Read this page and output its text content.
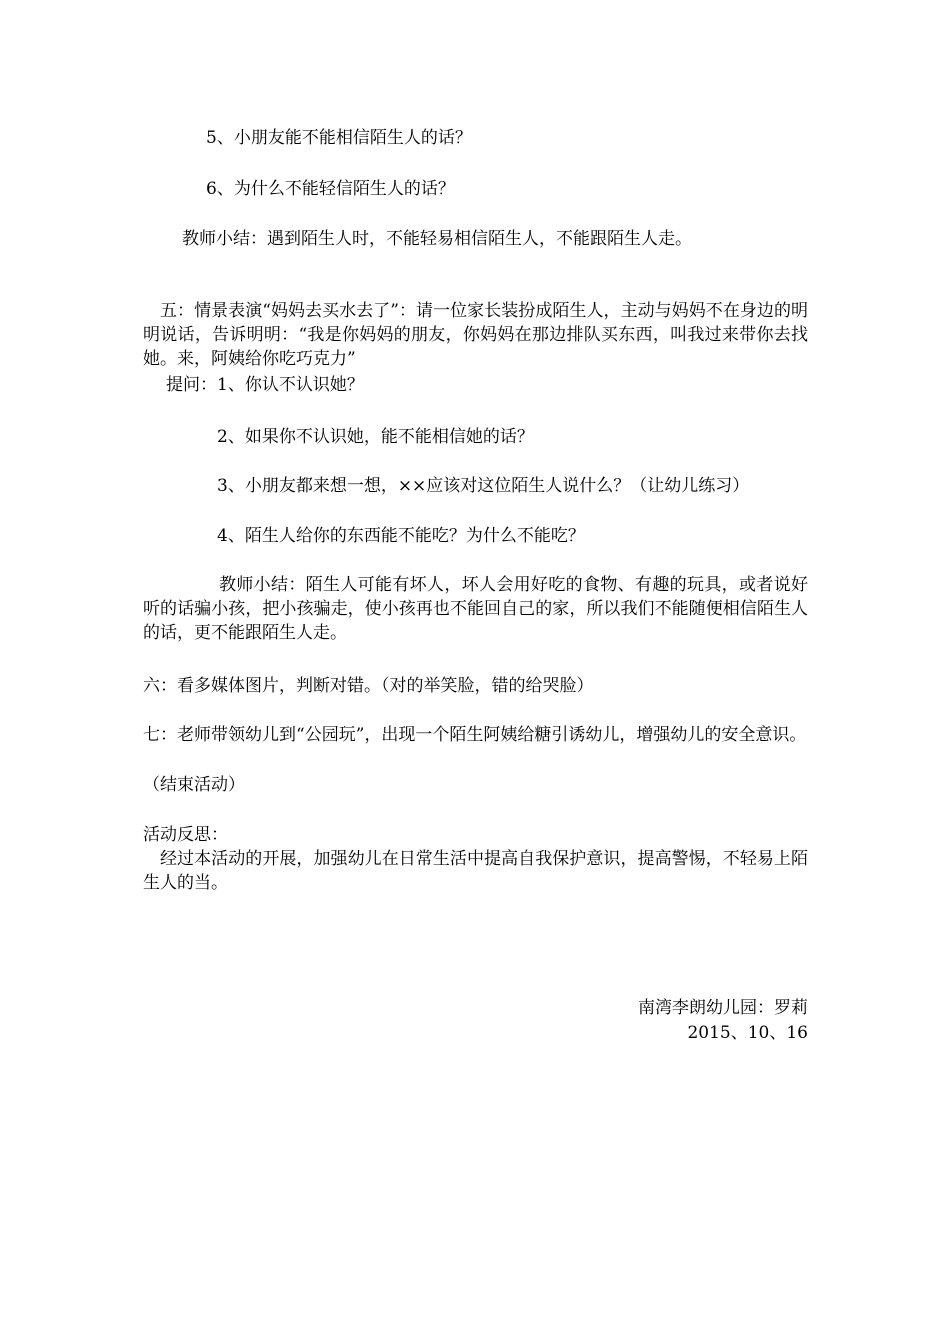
5、小朋友能不能相信陌生人的话？
6、为什么不能轻信陌生人的话？
教师小结：遇到陌生人时，不能轻易相信陌生人，不能跟陌生人走。
五：情景表演“妈妈去买水去了”：请一位家长装扮成陌生人，主动与妈妈不在身边的明明说话，告诉明明：“我是你妈妈的朋友，你妈妈在那边排队买东西，叫我过来带你去找她。来，阿姨给你吃巧克力”
提问：1、你认不认识她？
2、如果你不认识她，能不能相信她的话？
3、小朋友都来想一想，××应该对这位陌生人说什么？（让幼儿练习）
4、陌生人给你的东西能不能吃？为什么不能吃？
教师小结：陌生人可能有坏人，坏人会用好吃的食物、有趣的玩具，或者说好听的话骗小孩，把小孩骗走，使小孩再也不能回自己的家，所以我们不能随便相信陌生人的话，更不能跟陌生人走。
六：看多媒体图片，判断对错。（对的举笑脸，错的给哭脸）
七：老师带领幼儿到“公园玩”，出现一个陌生阿姨给糖引诱幼儿，增强幼儿的安全意识。
（结束活动）
活动反思：
经过本活动的开展，加强幼儿在日常生活中提高自我保护意识，提高警惕，不轻易上陌生人的当。
南湾李朗幼儿园：罗莉
2015、10、16
